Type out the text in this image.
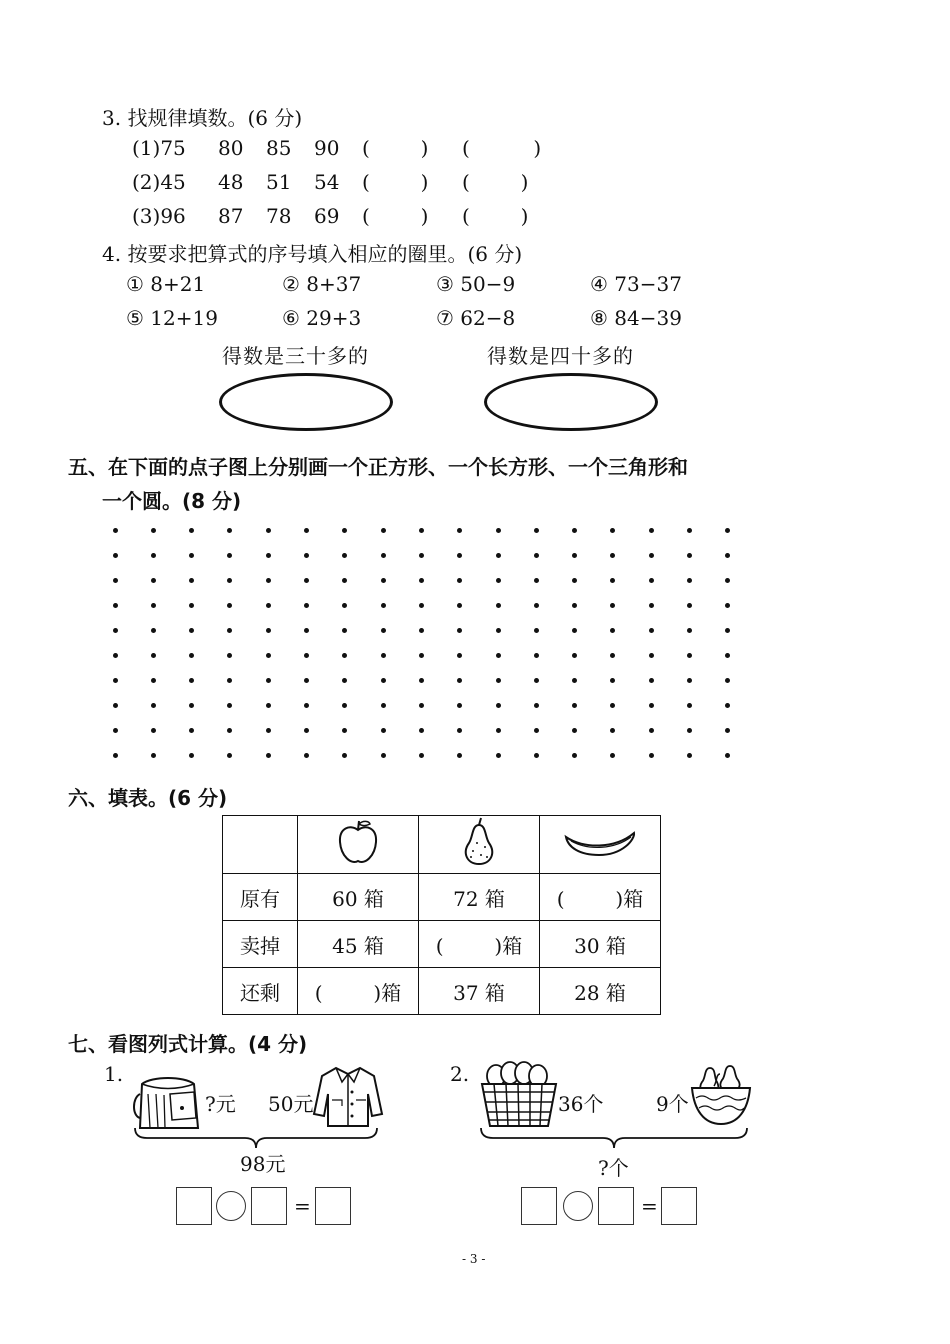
3. 找规律填数。(6 分)
(1)75 80 85 90 (        ) (          )
(2)45 48 51 54 (        ) (        )
(3)96 87 78 69 (        ) (        )
4. 按要求把算式的序号填入相应的圈里。(6 分)
① 8+21	② 8+37	③ 50−9	④ 73−37
⑤ 12+19	⑥ 29+3	⑦ 62−8	⑧ 84−39
得数是三十多的	得数是四十多的
五、在下面的点子图上分别画一个正方形、一个长方形、一个三角形和
一个圆。(8 分)
六、填表。(6 分)

原有	60 箱	72 箱	(        )箱
卖掉	45 箱	(        )箱	30 箱
还剩	(        )箱	37 箱	28 箱
七、看图列式计算。(4 分)
1.
?元 50元
98元
=
2.
36个	9个
?个
=
- 3 -
